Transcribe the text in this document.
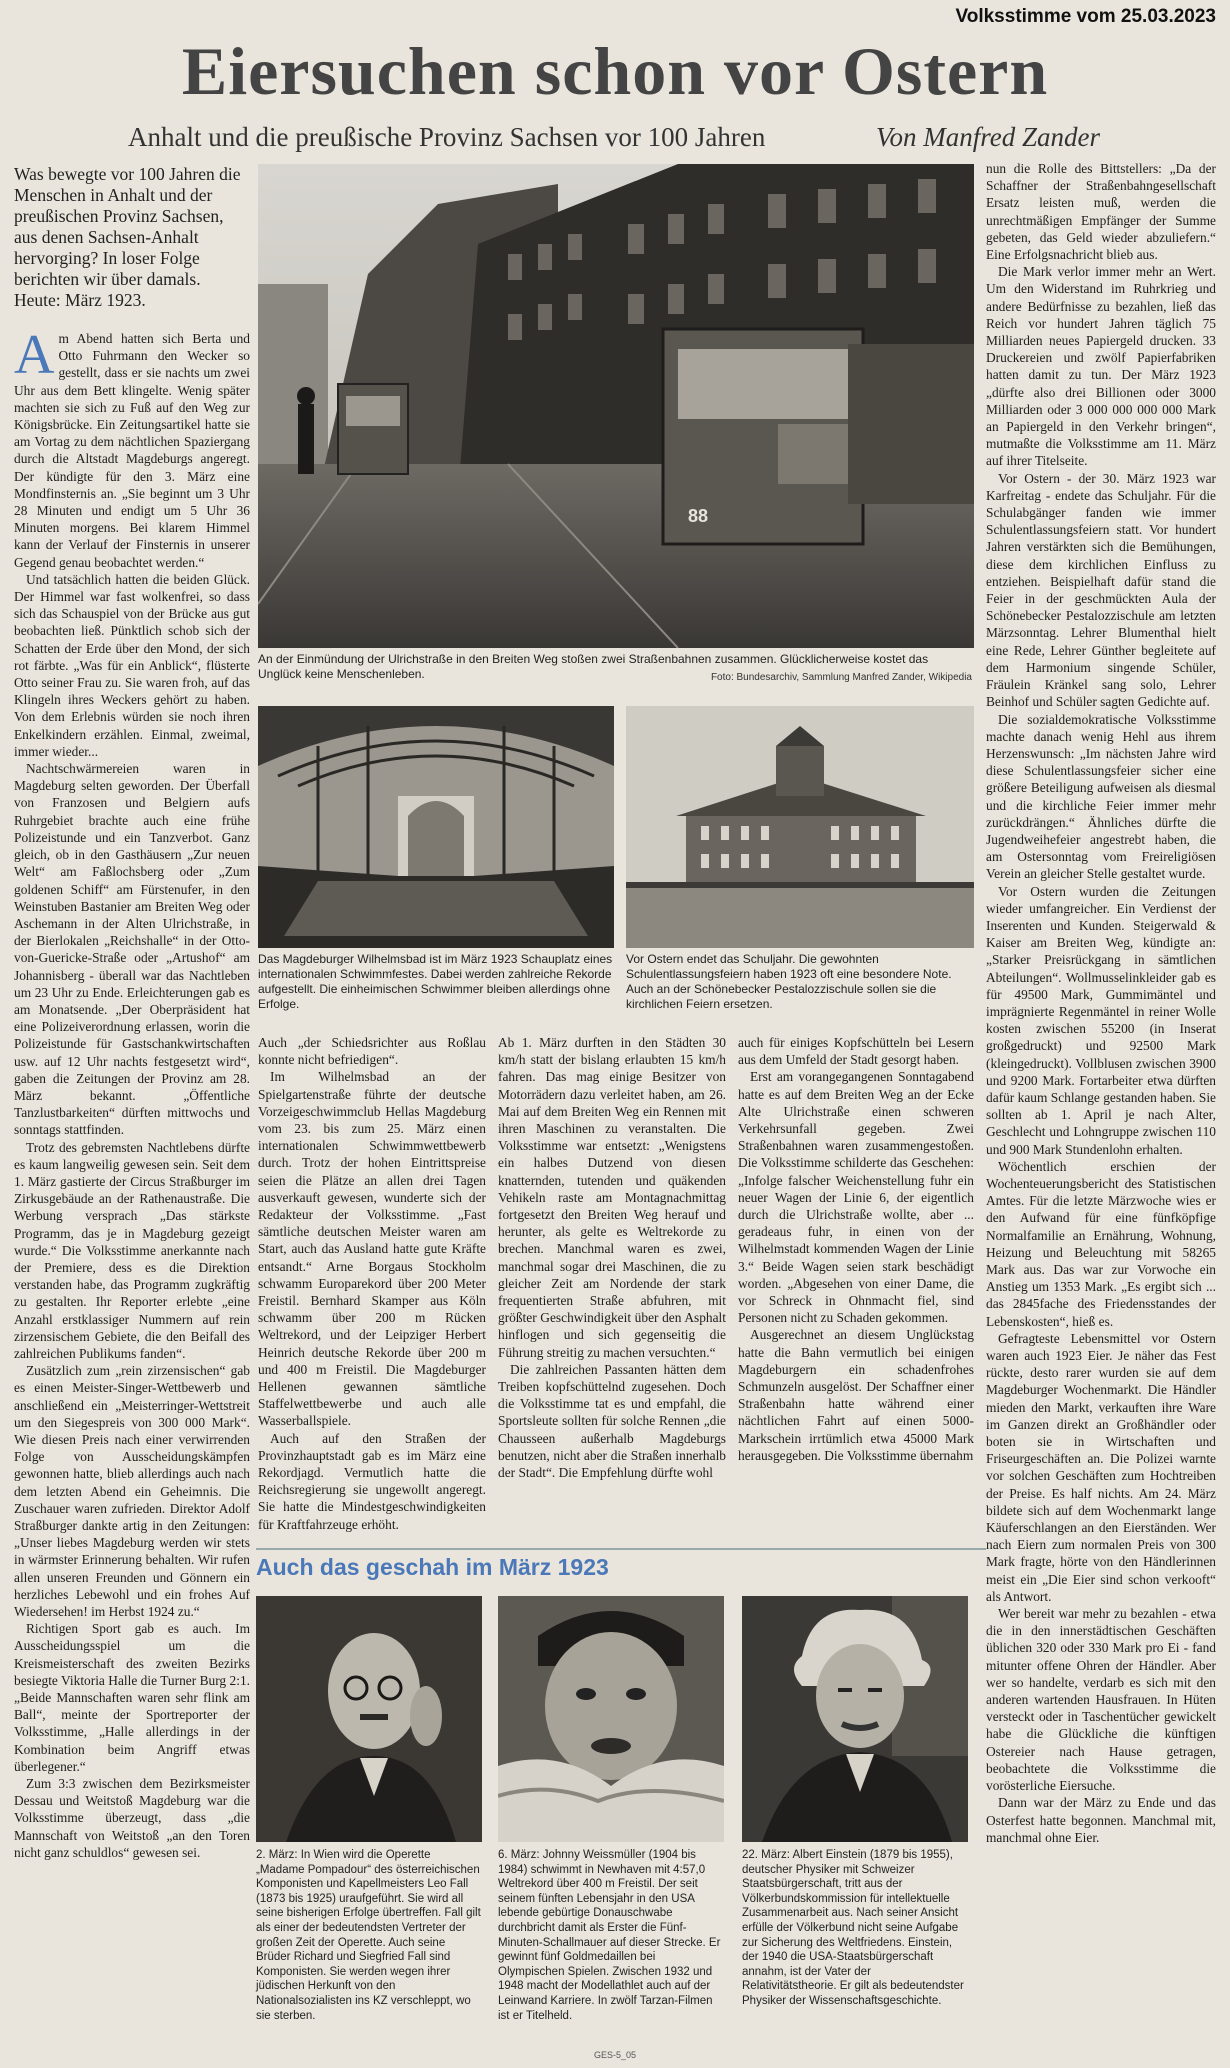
Volksstimme vom 25.03.2023
Eiersuchen schon vor Ostern
Anhalt und die preußische Provinz Sachsen vor 100 Jahren	Von Manfred Zander
Was bewegte vor 100 Jahren die Menschen in Anhalt und der preußischen Provinz Sachsen, aus denen Sachsen-Anhalt hervorging? In loser Folge berichten wir über damals. Heute: März 1923.

Am Abend hatten sich Berta und Otto Fuhrmann den Wecker so gestellt, dass er sie nachts um zwei Uhr aus dem Bett klingelte. Wenig später machten sie sich zu Fuß auf den Weg zur Königsbrücke. Ein Zeitungsartikel hatte sie am Vortag zu dem nächtlichen Spaziergang durch die Altstadt Magdeburgs angeregt. Der kündigte für den 3. März eine Mondfinsternis an. „Sie beginnt um 3 Uhr 28 Minuten und endigt um 5 Uhr 36 Minuten morgens. Bei klarem Himmel kann der Verlauf der Finsternis in unserer Gegend genau beobachtet werden.“

Und tatsächlich hatten die beiden Glück. Der Himmel war fast wolkenfrei, so dass sich das Schauspiel von der Brücke aus gut beobachten ließ. Pünktlich schob sich der Schatten der Erde über den Mond, der sich rot färbte. „Was für ein Anblick“, flüsterte Otto seiner Frau zu. Sie waren froh, auf das Klingeln ihres Weckers gehört zu haben. Von dem Erlebnis würden sie noch ihren Enkelkindern erzählen. Einmal, zweimal, immer wieder...

Nachtschwärmereien waren in Magdeburg selten geworden. Der Überfall von Franzosen und Belgiern aufs Ruhrgebiet brachte auch eine frühe Polizeistunde und ein Tanzverbot. Ganz gleich, ob in den Gasthäusern „Zur neuen Welt“ am Faßlochsberg oder „Zum goldenen Schiff“ am Fürstenufer, in den Weinstuben Bastanier am Breiten Weg oder Aschemann in der Alten Ulrichstraße, in der Bierlokalen „Reichshalle“ in der Otto-von-Guericke-Straße oder „Artushof“ am Johannisberg - überall war das Nachtleben um 23 Uhr zu Ende. Erleichterungen gab es am Monatsende. „Der Oberpräsident hat eine Polizeiverordnung erlassen, worin die Polizeistunde für Gastschankwirtschaften usw. auf 12 Uhr nachts festgesetzt wird“, gaben die Zeitungen der Provinz am 28. März bekannt. „Öffentliche Tanzlustbarkeiten“ dürften mittwochs und sonntags stattfinden.

Trotz des gebremsten Nachtlebens dürfte es kaum langweilig gewesen sein. Seit dem 1. März gastierte der Circus Straßburger im Zirkusgebäude an der Rathenaustraße. Die Werbung versprach „Das stärkste Programm, das je in Magdeburg gezeigt wurde.“ Die Volksstimme anerkannte nach der Premiere, dess es die Direktion verstanden habe, das Programm zugkräftig zu gestalten. Ihr Reporter erlebte „eine Anzahl erstklassiger Nummern auf rein zirzensischem Gebiete, die den Beifall des zahlreichen Publikums fanden“.

Zusätzlich zum „rein zirzensischen“ gab es einen Meister-Singer-Wettbewerb und anschließend ein „Meisterringer-Wettstreit um den Siegespreis von 300 000 Mark“. Wie diesen Preis nach einer verwirrenden Folge von Ausscheidungskämpfen gewonnen hatte, blieb allerdings auch nach dem letzten Abend ein Geheimnis. Die Zuschauer waren zufrieden. Direktor Adolf Straßburger dankte artig in den Zeitungen: „Unser liebes Magdeburg werden wir stets in wärmster Erinnerung behalten. Wir rufen allen unseren Freunden und Gönnern ein herzliches Lebewohl und ein frohes Auf Wiedersehen! im Herbst 1924 zu.“

Richtigen Sport gab es auch. Im Ausscheidungsspiel um die Kreismeisterschaft des zweiten Bezirks besiegte Viktoria Halle die Turner Burg 2:1. „Beide Mannschaften waren sehr flink am Ball“, meinte der Sportreporter der Volksstimme, „Halle allerdings in der Kombination beim Angriff etwas überlegener.“

Zum 3:3 zwischen dem Bezirksmeister Dessau und Weitstoß Magdeburg war die Volksstimme überzeugt, dass „die Mannschaft von Weitstoß „an den Toren nicht ganz schuldlos“ gewesen sei.

88
An der Einmündung der Ulrichstraße in den Breiten Weg stoßen zwei Straßenbahnen zusammen. Glücklicherweise kostet das Unglück keine Menschenleben.	Foto: Bundesarchiv, Sammlung Manfred Zander, Wikipedia
Das Magdeburger Wilhelmsbad ist im März 1923 Schauplatz eines internationalen Schwimmfestes. Dabei werden zahlreiche Rekorde aufgestellt. Die einheimischen Schwimmer bleiben allerdings ohne Erfolge.
Vor Ostern endet das Schuljahr. Die gewohnten Schulentlassungsfeiern haben 1923 oft eine besondere Note. Auch an der Schönebecker Pestalozzischule sollen sie die kirchlichen Feiern ersetzen.

Auch „der Schiedsrichter aus Roßlau konnte nicht befriedigen“.

Im Wilhelmsbad an der Spielgartenstraße führte der deutsche Vorzeigeschwimmclub Hellas Magdeburg vom 23. bis zum 25. März einen internationalen Schwimmwettbewerb durch. Trotz der hohen Eintrittspreise seien die Plätze an allen drei Tagen ausverkauft gewesen, wunderte sich der Redakteur der Volksstimme. „Fast sämtliche deutschen Meister waren am Start, auch das Ausland hatte gute Kräfte entsandt.“ Arne Borgaus Stockholm schwamm Europarekord über 200 Meter Freistil. Bernhard Skamper aus Köln schwamm über 200 m Rücken Weltrekord, und der Leipziger Herbert Heinrich deutsche Rekorde über 200 m und 400 m Freistil. Die Magdeburger Hellenen gewannen sämtliche Staffelwettbewerbe und auch alle Wasserballspiele.

Auch auf den Straßen der Provinzhauptstadt gab es im März eine Rekordjagd. Vermutlich hatte die Reichsregierung sie ungewollt angeregt. Sie hatte die Mindestgeschwindigkeiten für Kraftfahrzeuge erhöht.

Ab 1. März durften in den Städten 30 km/h statt der bislang erlaubten 15 km/h fahren. Das mag einige Besitzer von Motorrädern dazu verleitet haben, am 26. Mai auf dem Breiten Weg ein Rennen mit ihren Maschinen zu veranstalten. Die Volksstimme war entsetzt: „Wenigstens ein halbes Dutzend von diesen knatternden, tutenden und quäkenden Vehikeln raste am Montagnachmittag fortgesetzt den Breiten Weg herauf und herunter, als gelte es Weltrekorde zu brechen. Manchmal waren es zwei, manchmal sogar drei Maschinen, die zu gleicher Zeit am Nordende der stark frequentierten Straße abfuhren, mit größter Geschwindigkeit über den Asphalt hinflogen und sich gegenseitig die Führung streitig zu machen versuchten.“

Die zahlreichen Passanten hätten dem Treiben kopfschüttelnd zugesehen. Doch die Volksstimme tat es und empfahl, die Sportsleute sollten für solche Rennen „die Chausseen außerhalb Magdeburgs benutzen, nicht aber die Straßen innerhalb der Stadt“. Die Empfehlung dürfte wohl

auch für einiges Kopfschütteln bei Lesern aus dem Umfeld der Stadt gesorgt haben.

Erst am vorangegangenen Sonntagabend hatte es auf dem Breiten Weg an der Ecke Alte Ulrichstraße einen schweren Verkehrsunfall gegeben. Zwei Straßenbahnen waren zusammengestoßen. Die Volksstimme schilderte das Geschehen: „Infolge falscher Weichenstellung fuhr ein neuer Wagen der Linie 6, der eigentlich durch die Ulrichstraße wollte, aber ... geradeaus fuhr, in einen von der Wilhelmstadt kommenden Wagen der Linie 3.“ Beide Wagen seien stark beschädigt worden. „Abgesehen von einer Dame, die vor Schreck in Ohnmacht fiel, sind Personen nicht zu Schaden gekommen.

Ausgerechnet an diesem Unglückstag hatte die Bahn vermutlich bei einigen Magdeburgern ein schadenfrohes Schmunzeln ausgelöst. Der Schaffner einer Straßenbahn hatte während einer nächtlichen Fahrt auf einen 5000-Markschein irrtümlich etwa 45000 Mark herausgegeben. Die Volksstimme übernahm

nun die Rolle des Bittstellers: „Da der Schaffner der Straßenbahngesellschaft Ersatz leisten muß, werden die unrechtmäßigen Empfänger der Summe gebeten, das Geld wieder abzuliefern.“ Eine Erfolgsnachricht blieb aus.

Die Mark verlor immer mehr an Wert. Um den Widerstand im Ruhrkrieg und andere Bedürfnisse zu bezahlen, ließ das Reich vor hundert Jahren täglich 75 Milliarden neues Papiergeld drucken. 33 Druckereien und zwölf Papierfabriken hatten damit zu tun. Der März 1923 „dürfte also drei Billionen oder 3000 Milliarden oder 3 000 000 000 000 Mark an Papiergeld in den Verkehr bringen“, mutmaßte die Volksstimme am 11. März auf ihrer Titelseite.

Vor Ostern - der 30. März 1923 war Karfreitag - endete das Schuljahr. Für die Schulabgänger fanden wie immer Schulentlassungsfeiern statt. Vor hundert Jahren verstärkten sich die Bemühungen, diese dem kirchlichen Einfluss zu entziehen. Beispielhaft dafür stand die Feier in der geschmückten Aula der Schönebecker Pestalozzischule am letzten Märzsonntag. Lehrer Blumenthal hielt eine Rede, Lehrer Günther begleitete auf dem Harmonium singende Schüler, Fräulein Kränkel sang solo, Lehrer Beinhof und Schüler sagten Gedichte auf.

Die sozialdemokratische Volksstimme machte danach wenig Hehl aus ihrem Herzenswunsch: „Im nächsten Jahre wird diese Schulentlassungsfeier sicher eine größere Beteiligung aufweisen als diesmal und die kirchliche Feier immer mehr zurückdrängen.“ Ähnliches dürfte die Jugendweihefeier angestrebt haben, die am Ostersonntag vom Freireligiösen Verein an gleicher Stelle gestaltet wurde.

Vor Ostern wurden die Zeitungen wieder umfangreicher. Ein Verdienst der Inserenten und Kunden. Steigerwald & Kaiser am Breiten Weg, kündigte an: „Starker Preisrückgang in sämtlichen Abteilungen“. Wollmusselinkleider gab es für 49500 Mark, Gummimäntel und imprägnierte Regenmäntel in reiner Wolle kosten zwischen 55200 (in Inserat großgedruckt) und 92500 Mark (kleingedruckt). Vollblusen zwischen 3900 und 9200 Mark. Fortarbeiter etwa dürften dafür kaum Schlange gestanden haben. Sie sollten ab 1. April je nach Alter, Geschlecht und Lohngruppe zwischen 110 und 900 Mark Stundenlohn erhalten.

Wöchentlich erschien der Wochenteuerungsbericht des Statistischen Amtes. Für die letzte Märzwoche wies er den Aufwand für eine fünfköpfige Normalfamilie an Ernährung, Wohnung, Heizung und Beleuchtung mit 58265 Mark aus. Das war zur Vorwoche ein Anstieg um 1353 Mark. „Es ergibt sich ... das 2845fache des Friedensstandes der Lebenskosten“, hieß es.

Gefragteste Lebensmittel vor Ostern waren auch 1923 Eier. Je näher das Fest rückte, desto rarer wurden sie auf dem Magdeburger Wochenmarkt. Die Händler mieden den Markt, verkauften ihre Ware im Ganzen direkt an Großhändler oder boten sie in Wirtschaften und Friseurgeschäften an. Die Polizei warnte vor solchen Geschäften zum Hochtreiben der Preise. Es half nichts. Am 24. März bildete sich auf dem Wochenmarkt lange Käuferschlangen an den Eierständen. Wer nach Eiern zum normalen Preis von 300 Mark fragte, hörte von den Händlerinnen meist ein „Die Eier sind schon verkooft“ als Antwort.

Wer bereit war mehr zu bezahlen - etwa die in den innerstädtischen Geschäften üblichen 320 oder 330 Mark pro Ei - fand mitunter offene Ohren der Händler. Aber wer so handelte, verdarb es sich mit den anderen wartenden Hausfrauen. In Hüten versteckt oder in Taschentücher gewickelt habe die Glückliche die künftigen Ostereier nach Hause getragen, beobachtete die Volksstimme die vorösterliche Eiersuche.

Dann war der März zu Ende und das Osterfest hatte begonnen. Manchmal mit, manchmal ohne Eier.

Auch das geschah im März 1923
2. März: In Wien wird die Operette „Madame Pompadour“ des österreichischen Komponisten und Kapellmeisters Leo Fall (1873 bis 1925) uraufgeführt. Sie wird all seine bisherigen Erfolge übertreffen. Fall gilt als einer der bedeutendsten Vertreter der großen Zeit der Operette. Auch seine Brüder Richard und Siegfried Fall sind Komponisten. Sie werden wegen ihrer jüdischen Herkunft von den Nationalsozialisten ins KZ verschleppt, wo sie sterben.
6. März: Johnny Weissmüller (1904 bis 1984) schwimmt in Newhaven mit 4:57,0 Weltrekord über 400 m Freistil. Der seit seinem fünften Lebensjahr in den USA lebende gebürtige Donauschwabe durchbricht damit als Erster die Fünf-Minuten-Schallmauer auf dieser Strecke. Er gewinnt fünf Goldmedaillen bei Olympischen Spielen. Zwischen 1932 und 1948 macht der Modellathlet auch auf der Leinwand Karriere. In zwölf Tarzan-Filmen ist er Titelheld.
22. März: Albert Einstein (1879 bis 1955), deutscher Physiker mit Schweizer Staatsbürgerschaft, tritt aus der Völkerbundskommission für intellektuelle Zusammenarbeit aus. Nach seiner Ansicht erfülle der Völkerbund nicht seine Aufgabe zur Sicherung des Weltfriedens. Einstein, der 1940 die USA-Staatsbürgerschaft annahm, ist der Vater der Relativitätstheorie. Er gilt als bedeutendster Physiker der Wissenschaftsgeschichte.
GES-5_05
